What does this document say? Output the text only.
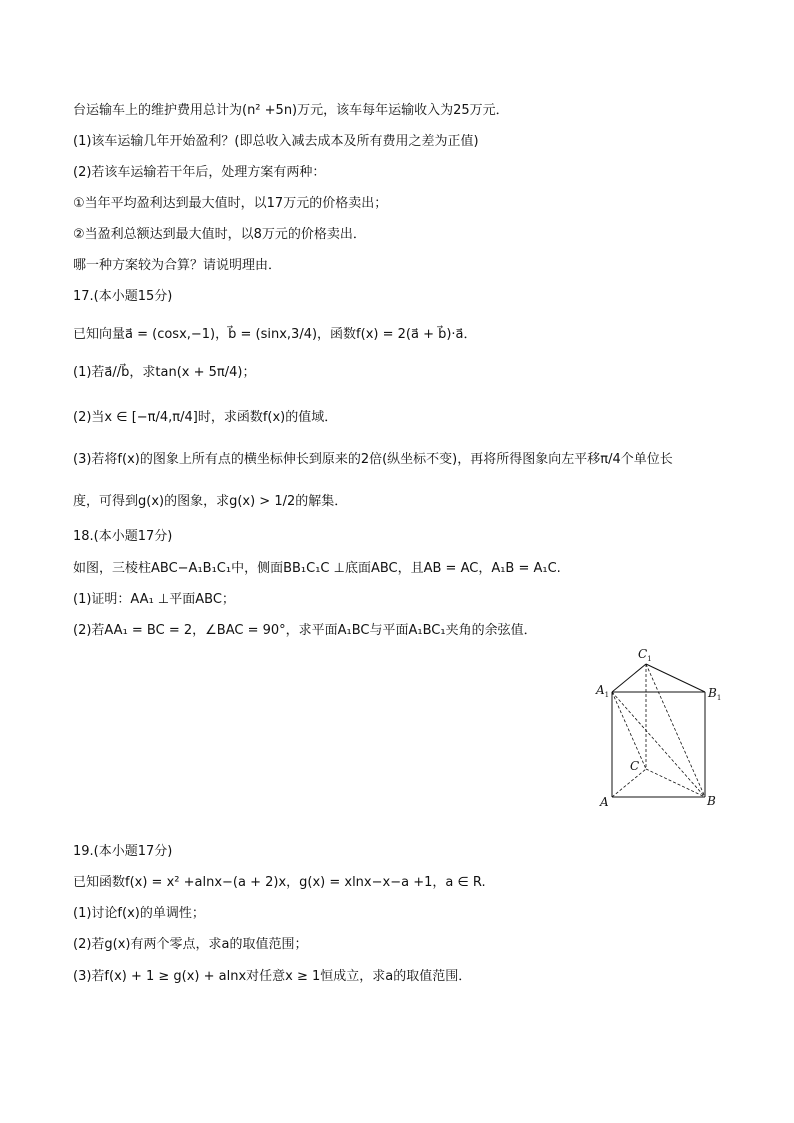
台运输车上的维护费用总计为(n² +5n)万元，该车每年运输收入为25万元．
(1)该车运输几年开始盈利？(即总收入减去成本及所有费用之差为正值)
(2)若该车运输若干年后，处理方案有两种：
①当年平均盈利达到最大值时，以17万元的价格卖出；
②当盈利总额达到最大值时，以8万元的价格卖出．
哪一种方案较为合算？请说明理由．
17.(本小题15分)
已知向量a⃗ = (cosx,−1)，b⃗ = (sinx,3/4)，函数f(x) = 2(a⃗ + b⃗)·a⃗．
(1)若a⃗//b⃗，求tan(x + 5π/4)；
(2)当x ∈ [−π/4,π/4]时，求函数f(x)的值域．
(3)若将f(x)的图象上所有点的横坐标伸长到原来的2倍(纵坐标不变)，再将所得图象向左平移π/4个单位长
度，可得到g(x)的图象，求g(x) > 1/2的解集．
18.(本小题17分)
如图，三棱柱ABC−A₁B₁C₁中，侧面BB₁C₁C ⊥底面ABC，且AB = AC，A₁B = A₁C.
(1)证明：AA₁ ⊥平面ABC；
(2)若AA₁ = BC = 2，∠BAC = 90°，求平面A₁BC与平面A₁BC₁夹角的余弦值．
$C_1$
$A_1$	$B_1$
C
A	B
19.(本小题17分)
已知函数f(x) = x² +alnx−(a + 2)x，g(x) = xlnx−x−a +1，a ∈ R.
(1)讨论f(x)的单调性；
(2)若g(x)有两个零点，求a的取值范围；
(3)若f(x) + 1 ≥ g(x) + alnx对任意x ≥ 1恒成立，求a的取值范围．
